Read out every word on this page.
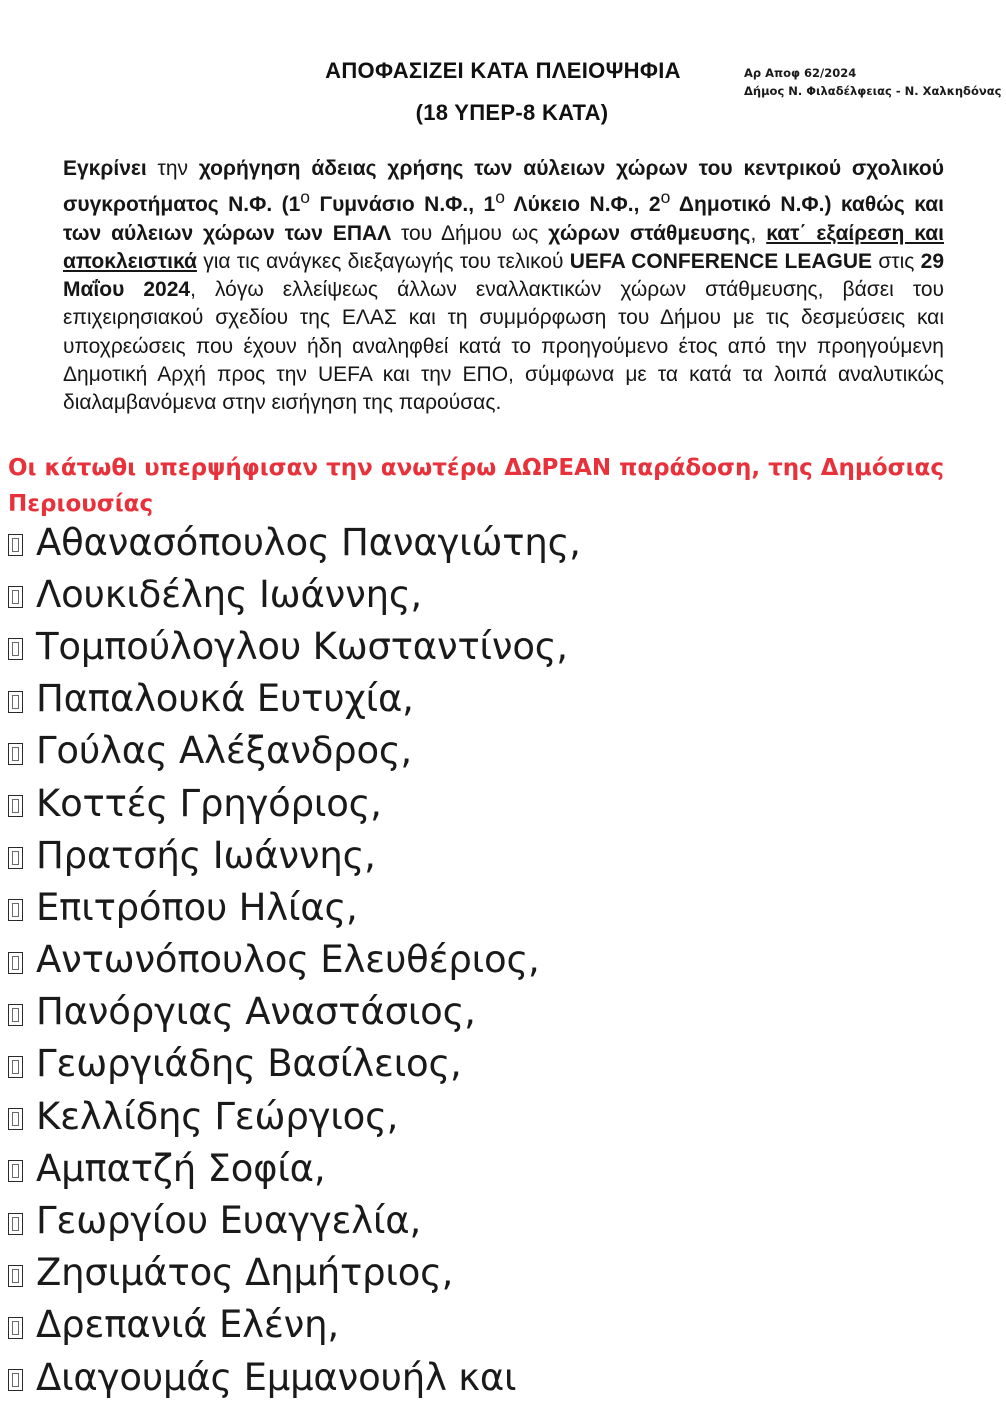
ΑΠΟΦΑΣΙΖΕΙ ΚΑΤΑ ΠΛΕΙΟΨΗΦΙΑ
(18 ΥΠΕΡ-8 ΚΑΤΑ)
Αρ Αποφ 62/2024
Δήμος Ν. Φιλαδέλφειας - Ν. Χαλκηδόνας
Εγκρίνει την χορήγηση άδειας χρήσης των αύλειων χώρων του κεντρικού σχολικού συγκροτήματος Ν.Φ. ($1^o$ Γυμνάσιο Ν.Φ., $1^o$ Λύκειο Ν.Φ., $2^o$ Δημοτικό Ν.Φ.) καθώς και των αύλειων χώρων των ΕΠΑΛ του Δήμου ως χώρων στάθμευσης, κατ΄ εξαίρεση και αποκλειστικά για τις ανάγκες διεξαγωγής του τελικού UEFA CONFERENCE LEAGUE στις 29 Μαΐου 2024, λόγω ελλείψεως άλλων εναλλακτικών χώρων στάθμευσης, βάσει του επιχειρησιακού σχεδίου της ΕΛΑΣ και τη συμμόρφωση του Δήμου με τις δεσμεύσεις και υποχρεώσεις που έχουν ήδη αναληφθεί κατά το προηγούμενο έτος από την προηγούμενη Δημοτική Αρχή προς την UEFA και την ΕΠΟ, σύμφωνα με τα κατά τα λοιπά αναλυτικώς διαλαμβανόμενα στην εισήγηση της παρούσας.
Οι κάτωθι υπερψήφισαν την ανωτέρω ΔΩΡΕΑΝ παράδοση, της Δημόσιας Περιουσίας
Αθανασόπουλος Παναγιώτης,
Λουκιδέλης Ιωάννης,
Τομπούλογλου Κωσταντίνος,
Παπαλουκά Ευτυχία,
Γούλας Αλέξανδρος,
Κοττές Γρηγόριος,
Πρατσής Ιωάννης,
Επιτρόπου Ηλίας,
Αντωνόπουλος Ελευθέριος,
Πανόργιας Αναστάσιος,
Γεωργιάδης Βασίλειος,
Κελλίδης Γεώργιος,
Αμπατζή Σοφία,
Γεωργίου Ευαγγελία,
Ζησιμάτος Δημήτριος,
Δρεπανιά Ελένη,
Διαγουμάς Εμμανουήλ και
